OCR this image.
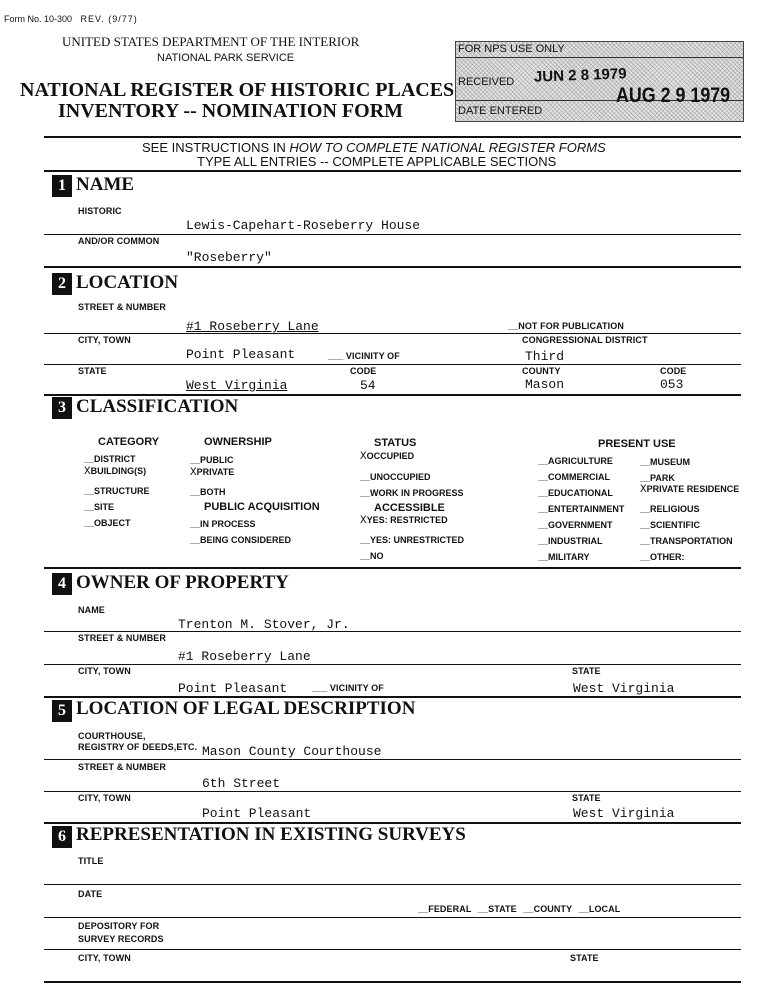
Form No. 10-300 REV. (9/77)
UNITED STATES DEPARTMENT OF THE INTERIOR
NATIONAL PARK SERVICE
NATIONAL REGISTER OF HISTORIC PLACES
INVENTORY -- NOMINATION FORM
FOR NPS USE ONLY
RECEIVED JUN 2 8 1979
DATE ENTERED
AUG 2 9 1979
SEE INSTRUCTIONS IN HOW TO COMPLETE NATIONAL REGISTER FORMS
TYPE ALL ENTRIES -- COMPLETE APPLICABLE SECTIONS
1 NAME
HISTORIC
Lewis-Capehart-Roseberry House
AND/OR COMMON
"Roseberry"
2 LOCATION
STREET & NUMBER
#1 Roseberry Lane	__NOT FOR PUBLICATION
CITY, TOWN	CONGRESSIONAL DISTRICT
Point Pleasant	___ VICINITY OF	Third
STATE	CODE	COUNTY	CODE
West Virginia	54	Mason	053
3 CLASSIFICATION
CATEGORY
__DISTRICT
XBUILDING(S)
__STRUCTURE
__SITE
__OBJECT
OWNERSHIP
__PUBLIC
XPRIVATE
__BOTH
PUBLIC ACQUISITION
__IN PROCESS
__BEING CONSIDERED
STATUS
XOCCUPIED
__UNOCCUPIED
__WORK IN PROGRESS
ACCESSIBLE
XYES: RESTRICTED
__YES: UNRESTRICTED
__NO
PRESENT USE
__AGRICULTURE
__COMMERCIAL
__EDUCATIONAL
__ENTERTAINMENT
__GOVERNMENT
__INDUSTRIAL
__MILITARY
__MUSEUM
__PARK
XPRIVATE RESIDENCE
__RELIGIOUS
__SCIENTIFIC
__TRANSPORTATION
__OTHER:
4 OWNER OF PROPERTY
NAME
Trenton M. Stover, Jr.
STREET & NUMBER
#1 Roseberry Lane
CITY, TOWN	STATE
Point Pleasant	___ VICINITY OF	West Virginia
5 LOCATION OF LEGAL DESCRIPTION
COURTHOUSE,
REGISTRY OF DEEDS,ETC. Mason County Courthouse
STREET & NUMBER
6th Street
CITY, TOWN	STATE
Point Pleasant	West Virginia
6 REPRESENTATION IN EXISTING SURVEYS
TITLE
DATE
__FEDERAL __STATE __COUNTY __LOCAL
DEPOSITORY FOR
SURVEY RECORDS
CITY, TOWN	STATE
